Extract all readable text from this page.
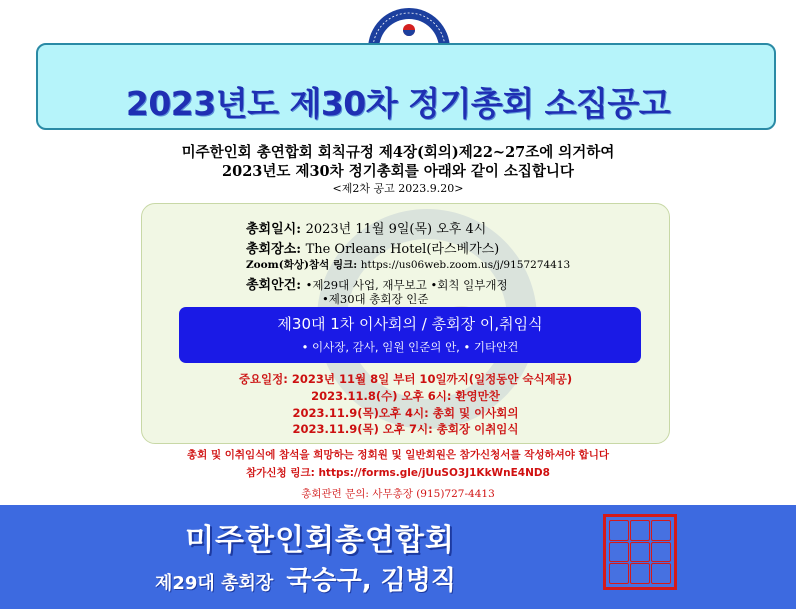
2023년도 제30차 정기총회 소집공고
미주한인회 총연합회 회칙규정 제4장(회의)제22~27조에 의거하여
2023년도 제30차 정기총회를 아래와 같이 소집합니다
<제2차 공고 2023.9.20>
총회일시: 2023년 11월 9일(목) 오후 4시
총회장소: The Orleans Hotel(라스베가스)
Zoom(화상)참석 링크: https://us06web.zoom.us/j/9157274413
총회안건: •제29대 사업, 재무보고 •회칙 일부개정
•제30대 총회장 인준
제30대 1차 이사회의 / 총회장 이,취임식
• 이사장, 감사, 임원 인준의 안, • 기타안건
중요일정: 2023년 11월 8일 부터 10일까지(일정동안 숙식제공)
2023.11.8(수) 오후 6시: 환영만찬
2023.11.9(목)오후 4시: 총회 및 이사회의
2023.11.9(목) 오후 7시: 총회장 이취임식
총회 및 이취임식에 참석을 희망하는 정회원 및 일반회원은 참가신청서를 작성하셔야 합니다
참가신청 링크: https://forms.gle/jUuSO3J1KkWnE4ND8
총회관련 문의: 사무총장 (915)727-4413
미주한인회총연합회
제29대 총회장 국승구, 김병직
